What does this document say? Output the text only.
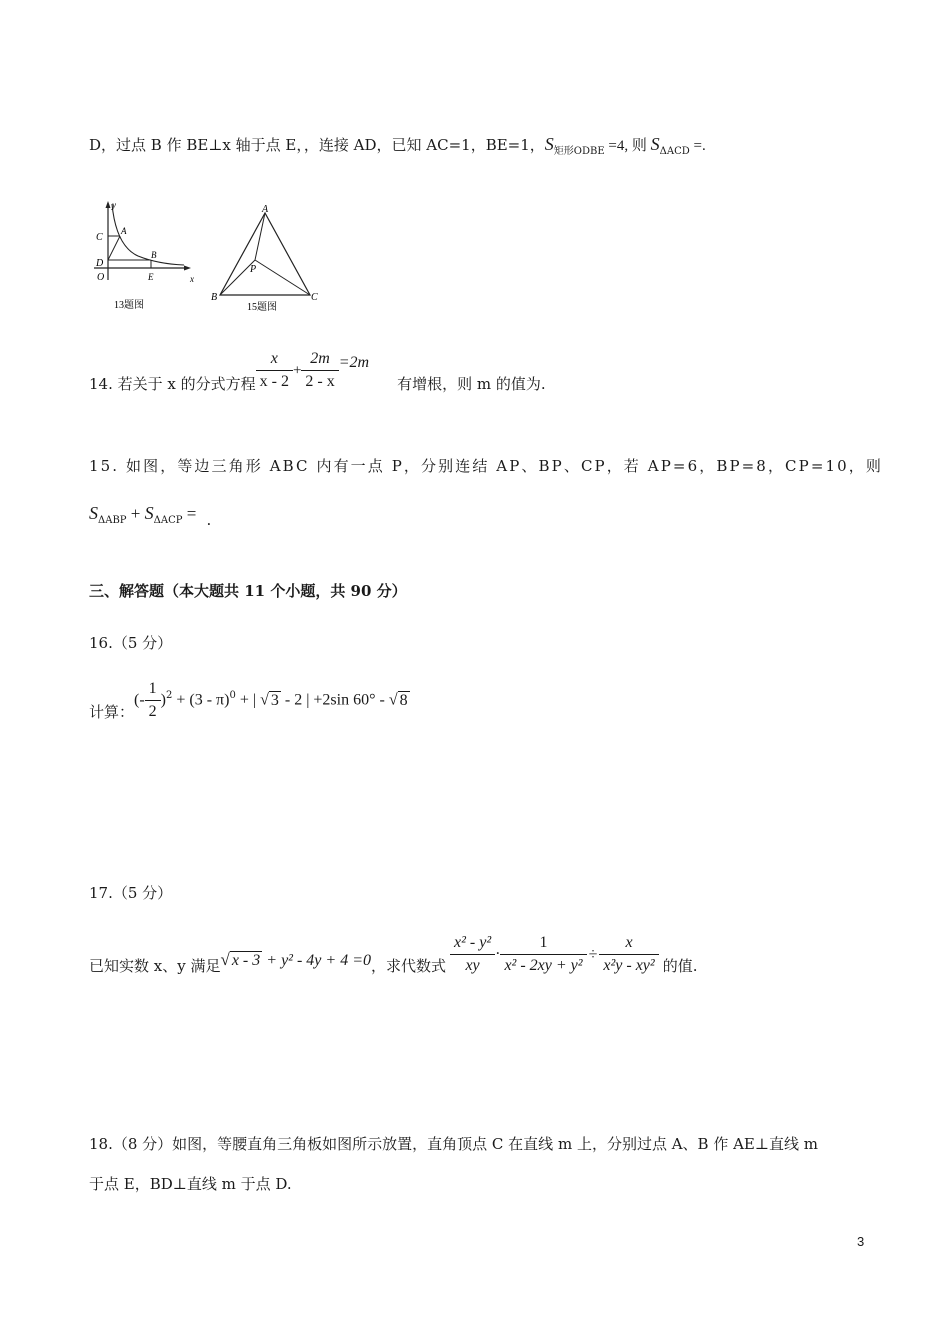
D，过点 B 作 BE⊥x 轴于点 E，，连接 AD，已知 AC=1，BE=1，$S_{矩形ODBE} =4$, 则 $S_{\Delta ACD}$ =.
y
x
C
A
D
B
O	E
13题图
A
P
B	C
15题图
14. 若关于 x 的分式方程 $\frac{x}{x - 2} + \frac{2m}{2 - x} =2m$有增根，则 m 的值为.
15. 如图，等边三角形 ABC 内有一点 P，分别连结 AP、BP、CP，若 AP=6，BP=8，CP=10，则
$S_{\Delta ABP} + S_{\Delta ACP}$ = .
三、解答题（本大题共 11 个小题，共 90 分）
16.（5 分）
计算：(- $\frac{1}{2} )^2 + (3 - \pi)^0$ + | √ 3 - 2 | +2sin 60° - √ 8
17.（5 分）
已知实数 x、y 满足√ x - 3 + y² - 4y + 4 =0，求代数式 $\frac{\text{x² - y²}}{xy} \cdot \frac{1}{\text{x² - 2xy + y²}} \div \frac{x}{\text{x²y - xy²}}$ 的值.
18.（8 分）如图，等腰直角三角板如图所示放置，直角顶点 C 在直线 m 上，分别过点 A、B 作 AE⊥直线 m
于点 E，BD⊥直线 m 于点 D.
3
